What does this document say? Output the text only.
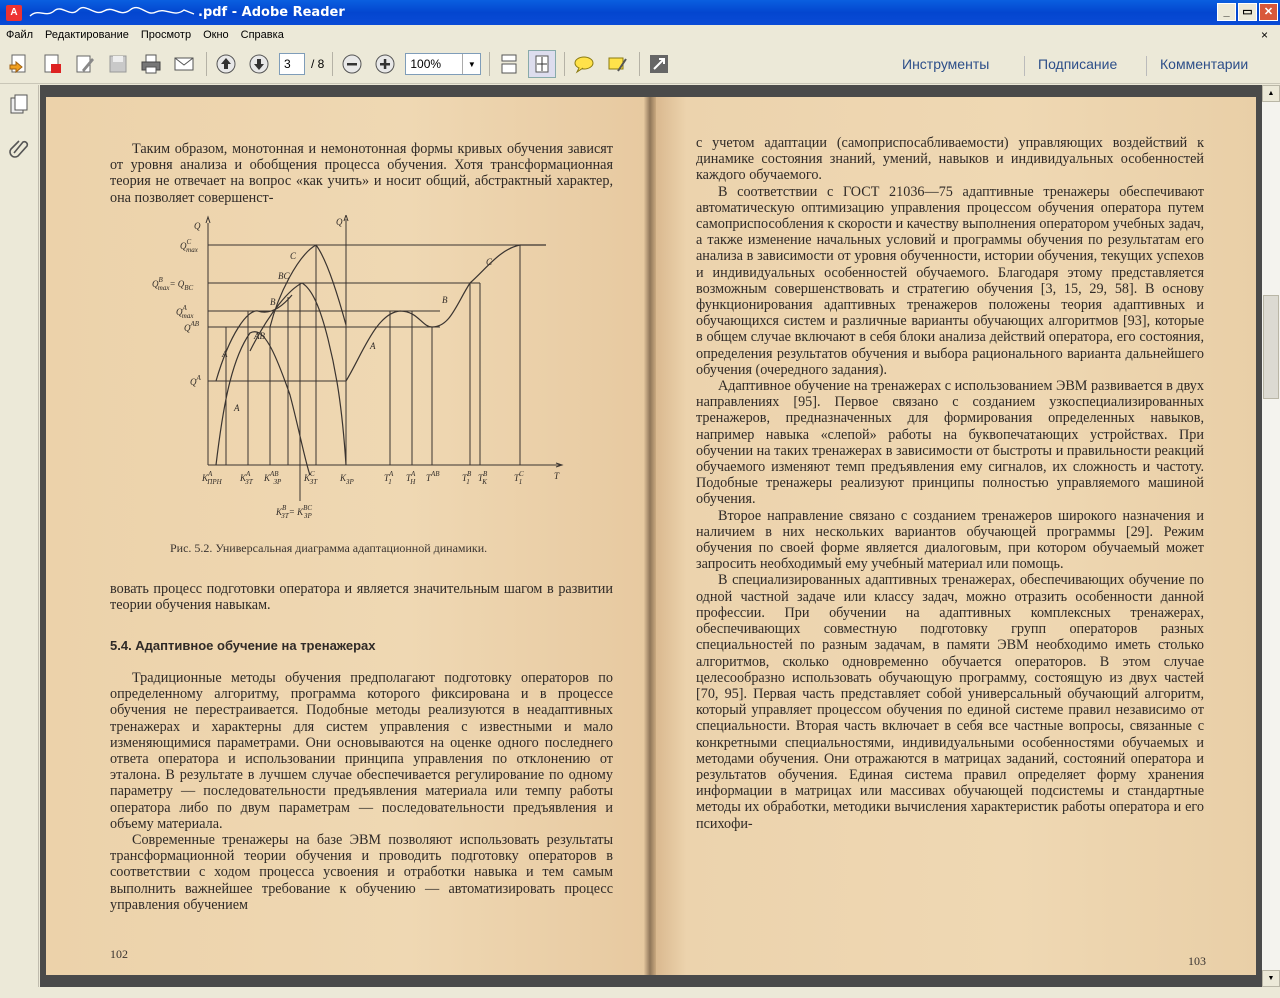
A	.pdf - Adobe Reader	_	▭	✕
Файл	Редактирование	Просмотр	Окно	Справка	×
3	/ 8	100%	▼	Инструменты	Подписание	Комментарии
Таким образом, монотонная и немонотонная формы кривых обучения зависят от уровня анализа и обобщения процесса обучения. Хотя трансформационная теория не отвечает на вопрос «как учить» и носит общий, абстрактный характер, она позволяет совершенст-
Q	Q
T
$Q^C$ max
$Q^B$ $\max= Q_{BC}$
$Q^A$ max
$Q^{AB}$
$Q^A$
$K^A$ ПРН $K^A$ ЗТ $K^{AB}$ ЗР	$K^C$ ЗТ	$K_{ЗР}$	$T^A$ 1 $T^A$ Н $T^{AB}$ $T^B$ 1 $T^B$ К	$T^C$ 1
$K^B$ $ЗТ= K^{BC}$ ЗР
A
A
AB
B
BC
C
A
B
C
Рис. 5.2. Универсальная диаграмма адаптационной динамики.
вовать процесс подготовки оператора и является значительным шагом в развитии теории обучения навыкам.
5.4. Адаптивное обучение на тренажерах

Традиционные методы обучения предполагают подготовку операторов по определенному алгоритму, программа которого фиксирована и в процессе обучения не перестраивается. Подобные методы реализуются в неадаптивных тренажерах и характерны для систем управления с известными и мало изменяющимися параметрами. Они основываются на оценке одного последнего ответа оператора и использовании принципа управления по отклонению от эталона. В результате в лучшем случае обеспечивается регулирование по одному параметру — последовательности предъявления материала или темпу работы оператора либо по двум параметрам — последовательности предъявления и объему материала.

Современные тренажеры на базе ЭВМ позволяют использовать результаты трансформационной теории обучения и проводить подготовку операторов в соответствии с ходом процесса усвоения и отработки навыка и тем самым выполнить важнейшее требование к обучению — автоматизировать процесс управления обучением

102

с учетом адаптации (самоприспосабливаемости) управляющих воздействий к динамике состояния знаний, умений, навыков и индивидуальных особенностей каждого обучаемого.

В соответствии с ГОСТ 21036—75 адаптивные тренажеры обеспечивают автоматическую оптимизацию управления процессом обучения оператора путем самоприспособления к скорости и качеству выполнения оператором учебных задач, а также изменение начальных условий и программы обучения по результатам его анализа в зависимости от уровня обученности, истории обучения, текущих успехов и индивидуальных особенностей обучаемого. Благодаря этому представляется возможным совершенствовать и стратегию обучения [3, 15, 29, 58]. В основу функционирования адаптивных тренажеров положены теория адаптивных и обучающихся систем и различные варианты обучающих алгоритмов [93], которые в общем случае включают в себя блоки анализа действий оператора, его состояния, определения результатов обучения и выбора рационального варианта дальнейшего обучения (очередного задания).

Адаптивное обучение на тренажерах с использованием ЭВМ развивается в двух направлениях [95]. Первое связано с созданием узкоспециализированных тренажеров, предназначенных для формирования определенных навыков, например навыка «слепой» работы на буквопечатающих устройствах. При обучении на таких тренажерах в зависимости от быстроты и правильности реакций обучаемого изменяют темп предъявления ему сигналов, их сложность и частоту. Подобные тренажеры реализуют принципы полностью управляемого машиной обучения.

Второе направление связано с созданием тренажеров широкого назначения и наличием в них нескольких вариантов обучающей программы [29]. Режим обучения по своей форме является диалоговым, при котором обучаемый может запросить необходимый ему учебный материал или помощь.

В специализированных адаптивных тренажерах, обеспечивающих обучение по одной частной задаче или классу задач, можно отразить особенности данной профессии. При обучении на адаптивных комплексных тренажерах, обеспечивающих совместную подготовку групп операторов разных специальностей по разным задачам, в памяти ЭВМ необходимо иметь столько алгоритмов, сколько одновременно обучается операторов. В этом случае целесообразно использовать обучающую программу, состоящую из двух частей [70, 95]. Первая часть представляет собой универсальный обучающий алгоритм, который управляет процессом обучения по единой системе правил независимо от специальности. Вторая часть включает в себя все частные вопросы, связанные с конкретными специальностями, индивидуальными особенностями обучаемых и методами обучения. Они отражаются в матрицах заданий, состояний оператора и результатов обучения. Единая система правил определяет форму хранения информации в матрицах или массивах обучающей подсистемы и стандартные методы их обработки, методики вычисления характеристик работы оператора и его психофи-

103
▲
▼
